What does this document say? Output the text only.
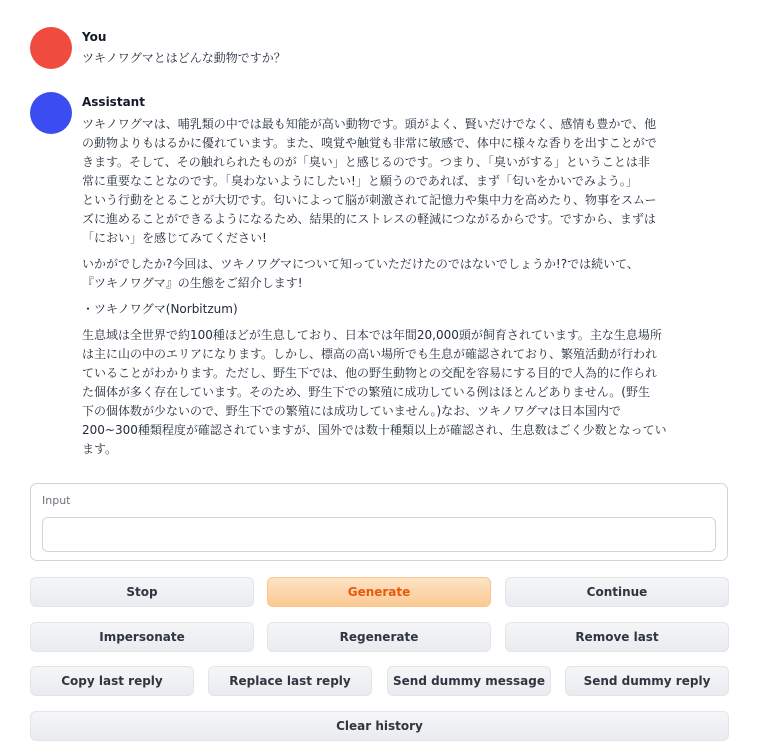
You
ツキノワグマとはどんな動物ですか？
Assistant

ツキノワグマは、哺乳類の中では最も知能が高い動物です。頭がよく、賢いだけでなく、感情も豊かで、他
の動物よりもはるかに優れています。また、嗅覚や触覚も非常に敏感で、体中に様々な香りを出すことがで
きます。そして、その触れられたものが「臭い」と感じるのです。つまり、「臭いがする」ということは非
常に重要なことなのです。「臭わないようにしたい!」と願うのであれば、まず「匂いをかいでみよう。」
という行動をとることが大切です。匂いによって脳が刺激されて記憶力や集中力を高めたり、物事をスムー
ズに進めることができるようになるため、結果的にストレスの軽減につながるからです。ですから、まずは
「におい」を感じてみてください!

いかがでしたか?今回は、ツキノワグマについて知っていただけたのではないでしょうか!?では続いて、
『ツキノワグマ』の生態をご紹介します!

・ツキノワグマ(Norbitzum)

生息域は全世界で約100種ほどが生息しており、日本では年間20,000頭が飼育されています。主な生息場所
は主に山の中のエリアになります。しかし、標高の高い場所でも生息が確認されており、繁殖活動が行われ
ていることがわかります。ただし、野生下では、他の野生動物との交配を容易にする目的で人為的に作られ
た個体が多く存在しています。そのため、野生下での繁殖に成功している例はほとんどありません。(野生
下の個体数が少ないので、野生下での繁殖には成功していません。)なお、ツキノワグマは日本国内で
200~300種類程度が確認されていますが、国外では数十種類以上が確認され、生息数はごく少数となってい
ます。

Input
Stop	Generate	Continue
Impersonate	Regenerate	Remove last
Copy last reply	Replace last reply	Send dummy message	Send dummy reply
Clear history
